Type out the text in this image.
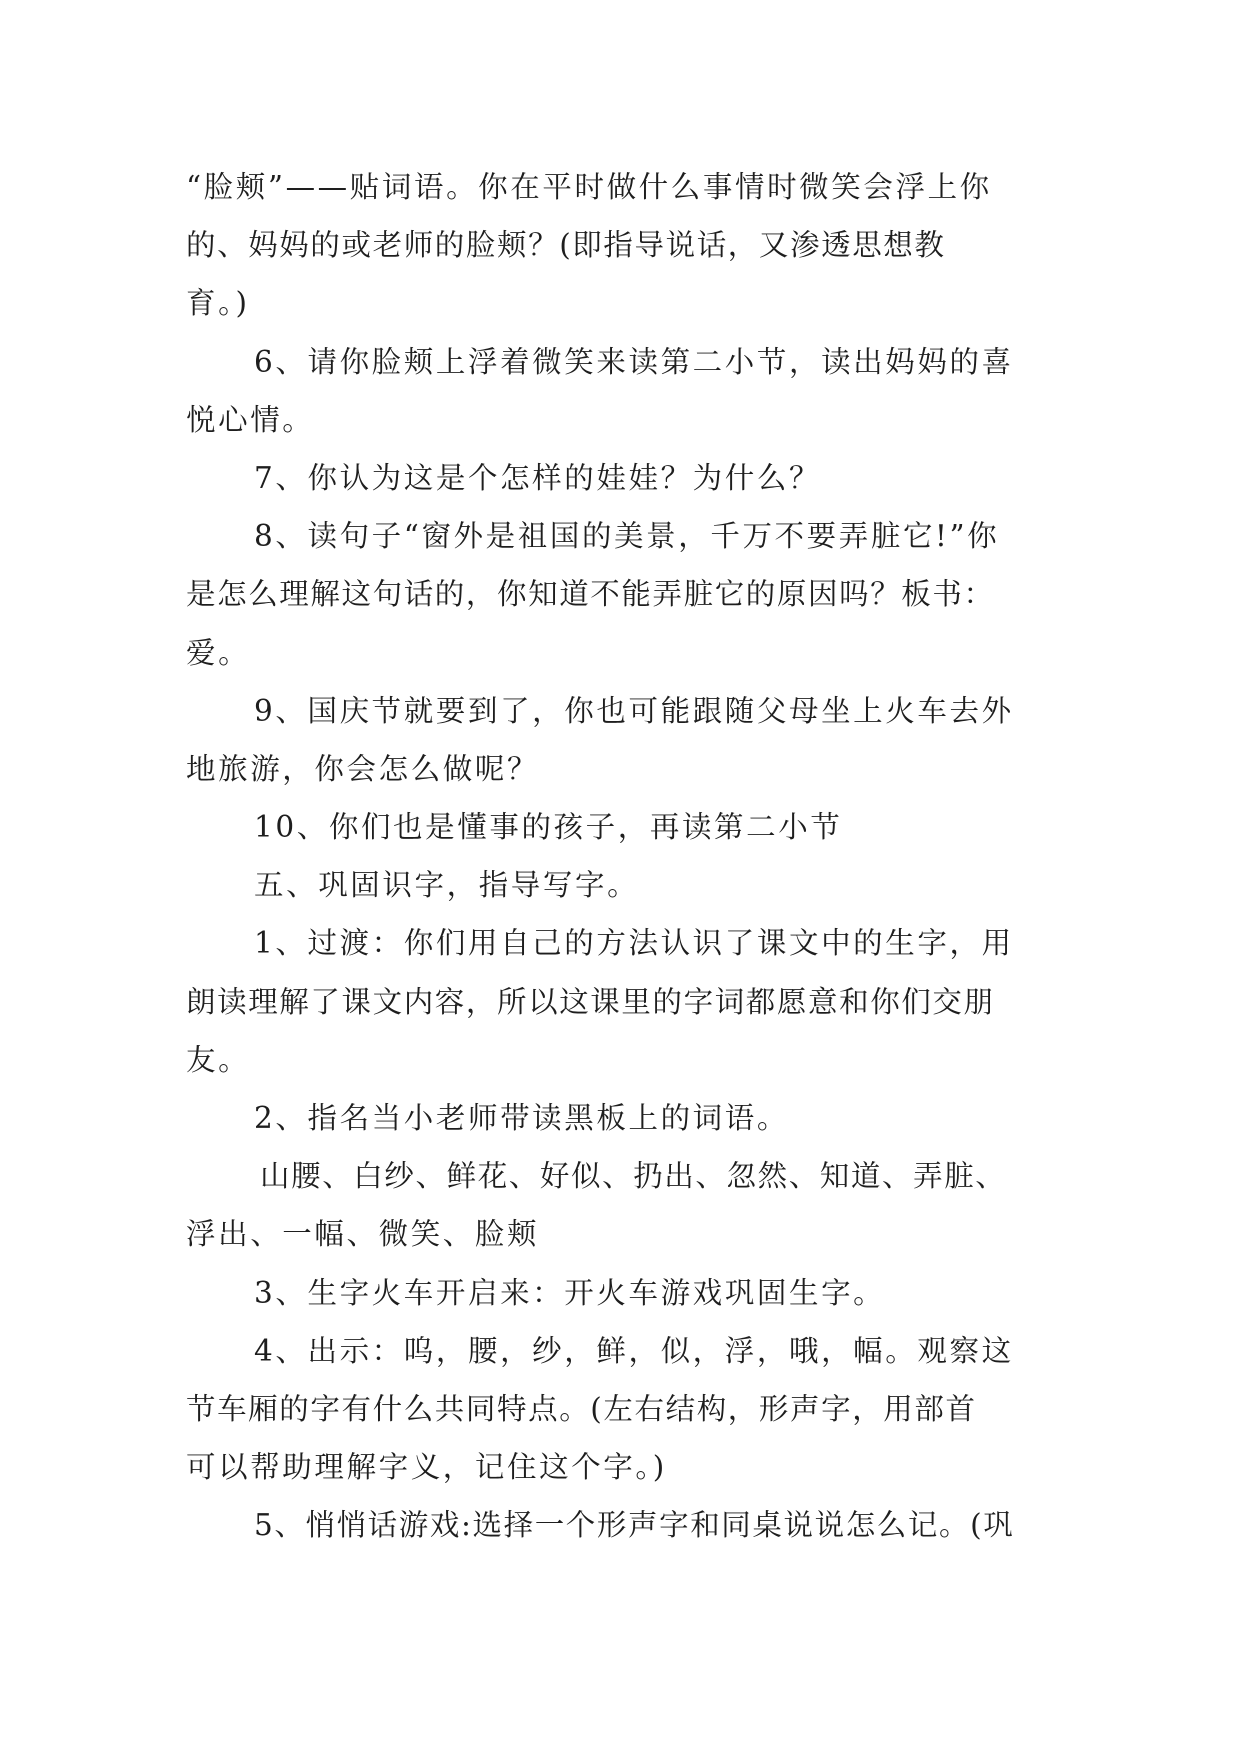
“脸颊”——贴词语。你在平时做什么事情时微笑会浮上你
的、妈妈的或老师的脸颊？(即指导说话，又渗透思想教
育。)
6、请你脸颊上浮着微笑来读第二小节，读出妈妈的喜
悦心情。
7、你认为这是个怎样的娃娃？为什么？
8、读句子“窗外是祖国的美景，千万不要弄脏它!”你
是怎么理解这句话的，你知道不能弄脏它的原因吗？板书：
爱。
9、国庆节就要到了，你也可能跟随父母坐上火车去外
地旅游，你会怎么做呢？
10、你们也是懂事的孩子，再读第二小节
五、巩固识字，指导写字。
1、过渡：你们用自己的方法认识了课文中的生字，用
朗读理解了课文内容，所以这课里的字词都愿意和你们交朋
友。
2、指名当小老师带读黑板上的词语。
山腰、白纱、鲜花、好似、扔出、忽然、知道、弄脏、
浮出、一幅、微笑、脸颊
3、生字火车开启来：开火车游戏巩固生字。
4、出示：呜，腰，纱，鲜，似，浮，哦，幅。观察这
节车厢的字有什么共同特点。(左右结构，形声字，用部首
可以帮助理解字义，记住这个字。)
5、悄悄话游戏:选择一个形声字和同桌说说怎么记。(巩
